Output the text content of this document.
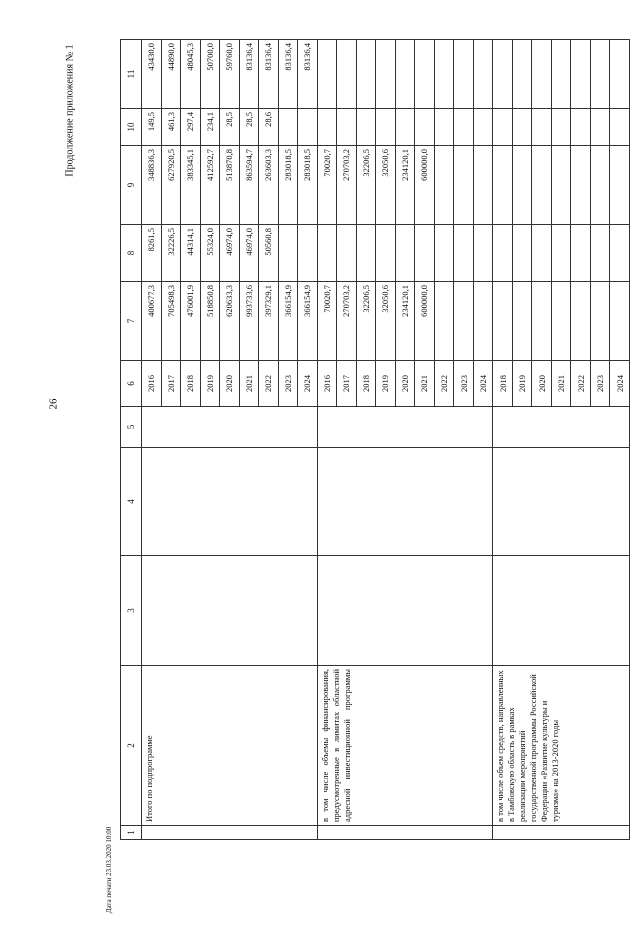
26
Продолжение приложения № 1
Дата печати 23.03.2020 10:00 1	2	3	4	5	6	7	8	9	10	11
	Итого по подпрограмме				2016	400677,3	8261,5	348836,3	149,5	43430,0
					2017	705498,3	32226,5	627920,5	461,3	44890,0
					2018	476001,9	44314,1	383345,1	297,4	48045,3
					2019	518850,8	55324,0	412592,7	234,1	50700,0
					2020	620633,3	46974,0	513870,8	28,5	59760,0
					2021	993733,6	46974,0	863594,7	28,5	83136,4
					2022	397329,1	50560,8	263603,3	28,6	83136,4
					2023	366154,9		283018,5		83136,4
					2024	366154,9		283018,5		83136,4
	в том числе объемы финансирования, предусмотренные в лимитах областной адресной инвестиционной программы				2016	70020,7		70020,7		
					2017	270703,2		270703,2		
					2018	32206,5		32206,5		
					2019	32050,6		32050,6		
					2020	234120,1		234120,1		
					2021	600000,0		600000,0		
					2022					
					2023					
					2024					
	в том числе объем средств, направленных в Тамбовскую область в рамках реализации мероприятий государственной программы Российской Федерации «Развитие культуры и туризма» на 2013-2020 годы				2018					
					2019					
					2020					
					2021					
					2022					
					2023					
					2024					
